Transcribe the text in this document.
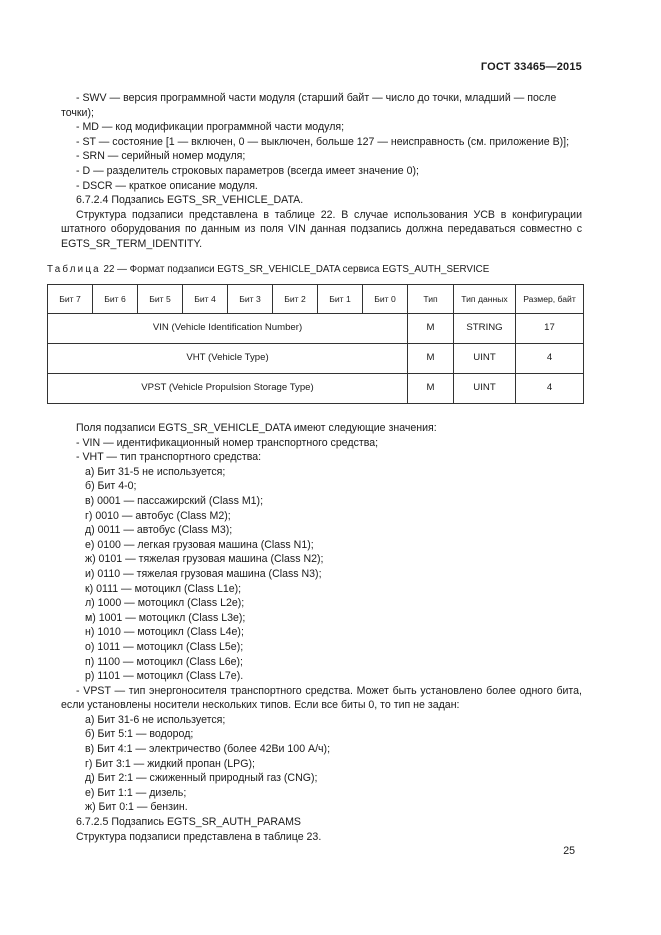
ГОСТ 33465—2015
- SWV — версия программной части модуля (старший байт — число до точки, младший — после
точки);
- MD — код модификации программной части модуля;
- ST — состояние [1 — включен, 0 — выключен, больше 127 — неисправность (см. приложение В)];
- SRN — серийный номер модуля;
- D — разделитель строковых параметров (всегда имеет значение 0);
- DSCR — краткое описание модуля.
6.7.2.4 Подзапись EGTS_SR_VEHICLE_DATA.
Структура подзаписи представлена в таблице 22. В случае использования УСВ в конфигурации штатного оборудования по данным из поля VIN данная подзапись должна передаваться совместно с EGTS_SR_TERM_IDENTITY.
Таблица 22 — Формат подзаписи EGTS_SR_VEHICLE_DATA сервиса EGTS_AUTH_SERVICE
Бит 7	Бит 6	Бит 5	Бит 4	Бит 3	Бит 2	Бит 1	Бит 0	Тип	Тип данных	Размер, байт
VIN (Vehicle Identification Number)								M	STRING	17
VHT (Vehicle Type)								M	UINT	4
VPST (Vehicle Propulsion Storage Type)								M	UINT	4
Поля подзаписи EGTS_SR_VEHICLE_DATA имеют следующие значения:
- VIN — идентификационный номер транспортного средства;
- VHT — тип транспортного средства:
а) Бит 31-5 не используется;
б) Бит 4-0;
в) 0001 — пассажирский (Class M1);
г) 0010 — автобус (Class M2);
д) 0011 — автобус (Class M3);
е) 0100 — легкая грузовая машина (Class N1);
ж) 0101 — тяжелая грузовая машина (Class N2);
и) 0110 — тяжелая грузовая машина (Class N3);
к) 0111 — мотоцикл (Class L1e);
л) 1000 — мотоцикл (Class L2e);
м) 1001 — мотоцикл (Class L3e);
н) 1010 — мотоцикл (Class L4e);
о) 1011 — мотоцикл (Class L5e);
п) 1100 — мотоцикл (Class L6e);
р) 1101 — мотоцикл (Class L7e).
- VPST — тип энергоносителя транспортного средства. Может быть установлено более одного бита, если установлены носители нескольких типов. Если все биты 0, то тип не задан:
а) Бит 31-6 не используется;
б) Бит 5:1 — водород;
в) Бит 4:1 — электричество (более 42Ви 100 А/ч);
г) Бит 3:1 — жидкий пропан (LPG);
д) Бит 2:1 — сжиженный природный газ (CNG);
е) Бит 1:1 — дизель;
ж) Бит 0:1 — бензин.
6.7.2.5 Подзапись EGTS_SR_AUTH_PARAMS
Структура подзаписи представлена в таблице 23.
25
